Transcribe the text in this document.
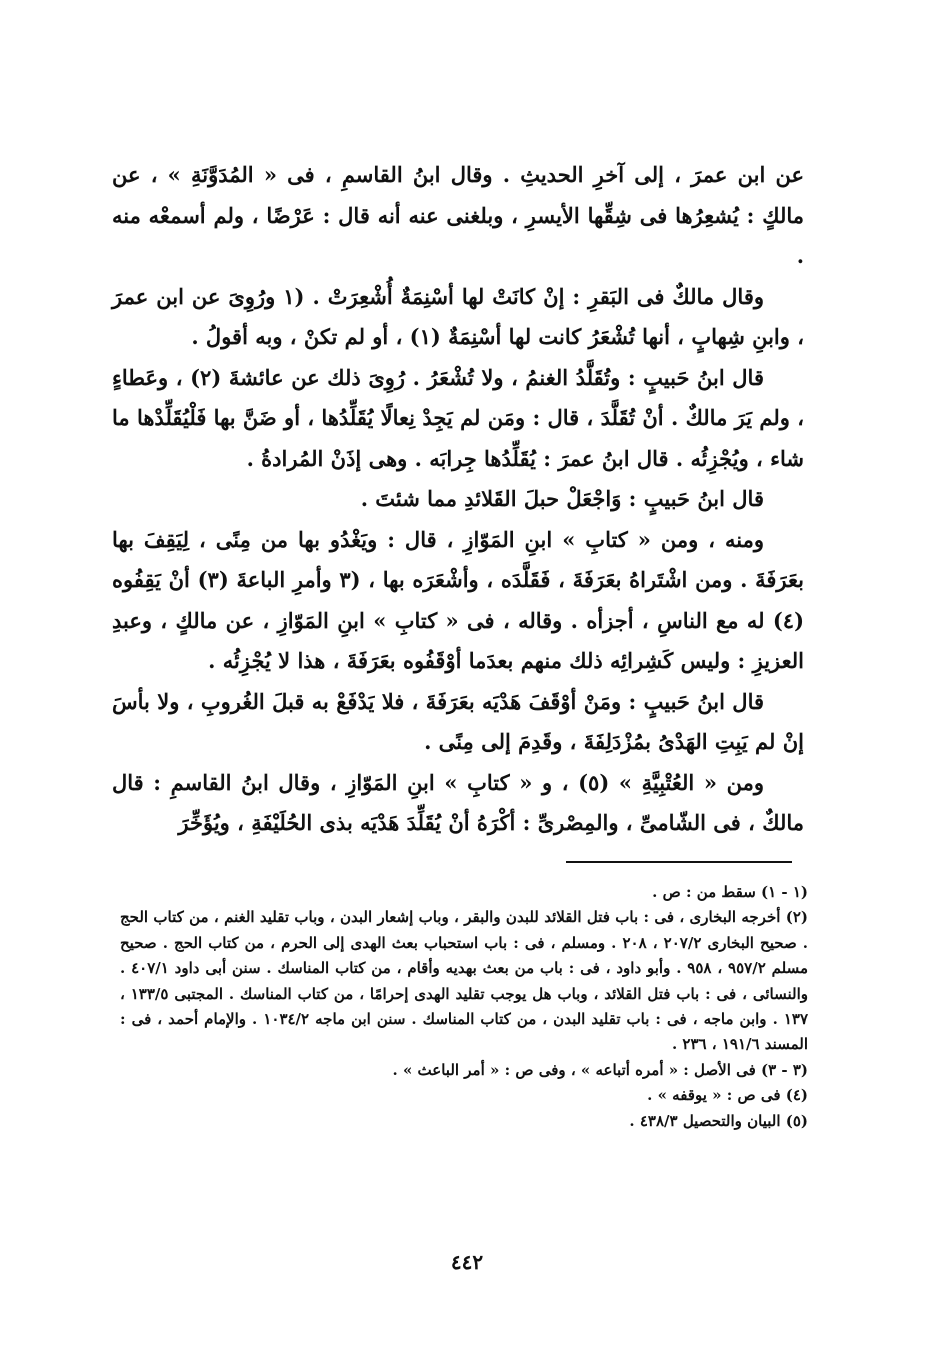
عن ابن عمرَ ، إلى آخرِ الحديثِ . وقال ابنُ القاسمِ ، فى « المُدَوَّنَةِ » ، عن مالكٍ : يُشعِرُها فى شِقِّها الأيسرِ ، وبلغنى عنه أنه قال : عَرْضًا ، ولم أسمعْه منه .

وقال مالكٌ فى البَقرِ : إنْ كانَتْ لها أسْنِمَةٌ أُشْعِرَتْ . (١ ورُوِىَ عن ابن عمرَ ، وابنِ شِهابٍ ، أنها تُشْعَرُ كانت لها أسْنِمَةٌ (١) ، أو لم تكنْ ، وبه أقولُ .

قال ابنُ حَبيبٍ : وتُقَلَّدُ الغنمُ ، ولا تُشْعَرُ . رُوِىَ ذلك عن عائشةَ (٢) ، وعَطاءٍ ، ولم يَرَ مالكٌ . أنْ تُقَلَّدَ ، قال : ومَن لم يَجِدْ نِعالًا يُقَلِّدُها ، أو ضَنَّ بها فَلْيُقَلِّدْها ما شاء ، ويُجْزِئُه . قال ابنُ عمرَ : يُقَلِّدُها جِرابَه . وهى إذَنْ المُرادةُ .

قال ابنُ حَبيبٍ : وَاجْعَلْ حبلَ القَلائدِ مما شئتَ .

ومنه ، ومن « كتابِ » ابنِ المَوّازِ ، قال : ويَغْدُو بها من مِنًى ، لِيَقِفَ بها بعَرَفَةَ . ومن اشْتَراهُ بعَرَفَةَ ، فَقَلَّدَه ، وأشْعَرَه بها ، (٣ وأمرِ الباعةَ (٣) أنْ يَقِفُوه (٤) له مع الناسِ ، أجزأه . وقاله ، فى « كتابِ » ابنِ المَوّازِ ، عن مالكٍ ، وعبدِ العزيزِ : وليس كَشِرائِه ذلك منهم بعدَما أوْقَفُوه بعَرَفَةَ ، هذا لا يُجْزِئُه .

قال ابنُ حَبيبٍ : ومَنْ أوْقَفَ هَدْيَه بعَرَفَةَ ، فلا يَدْفَعْ به قبلَ الغُروبِ ، ولا بأسَ إنْ لم يَبِتِ الهَدْىُ بمُزْدَلِفَةَ ، وقَدِمَ إلى مِنًى .

ومن « العُتْبِيَّةِ » (٥) ، و « كتابِ » ابنِ المَوّازِ ، وقال ابنُ القاسمِ : قال مالكٌ ، فى الشّامىِّ ، والمِصْرىِّ : أكْرَهُ أنْ يُقَلِّدَ هَدْيَه بذى الحُلَيْفَةِ ، ويُؤَخِّرَ

(١ - ١) سقط من : ص .

(٢) أخرجه البخارى ، فى : باب فتل القلائد للبدن والبقر ، وباب إشعار البدن ، وباب تقليد الغنم ، من كتاب الحج . صحيح البخارى ٢٠٧/٢ ، ٢٠٨ . ومسلم ، فى : باب استحباب بعث الهدى إلى الحرم ، من كتاب الحج . صحيح مسلم ٩٥٧/٢ ، ٩٥٨ . وأبو داود ، فى : باب من بعث بهديه وأقام ، من كتاب المناسك . سنن أبى داود ٤٠٧/١ . والنسائى ، فى : باب فتل القلائد ، وباب هل يوجب تقليد الهدى إحرامًا ، من كتاب المناسك . المجتبى ١٣٣/٥ ، ١٣٧ . وابن ماجه ، فى : باب تقليد البدن ، من كتاب المناسك . سنن ابن ماجه ١٠٣٤/٢ . والإمام أحمد ، فى : المسند ١٩١/٦ ، ٢٣٦ .

(٣ - ٣) فى الأصل : « أمره أتباعه » ، وفى ص : « أمر الباعث » .

(٤) فى ص : « يوقفه » .

(٥) البيان والتحصيل ٤٣٨/٣ .

٤٤٢
